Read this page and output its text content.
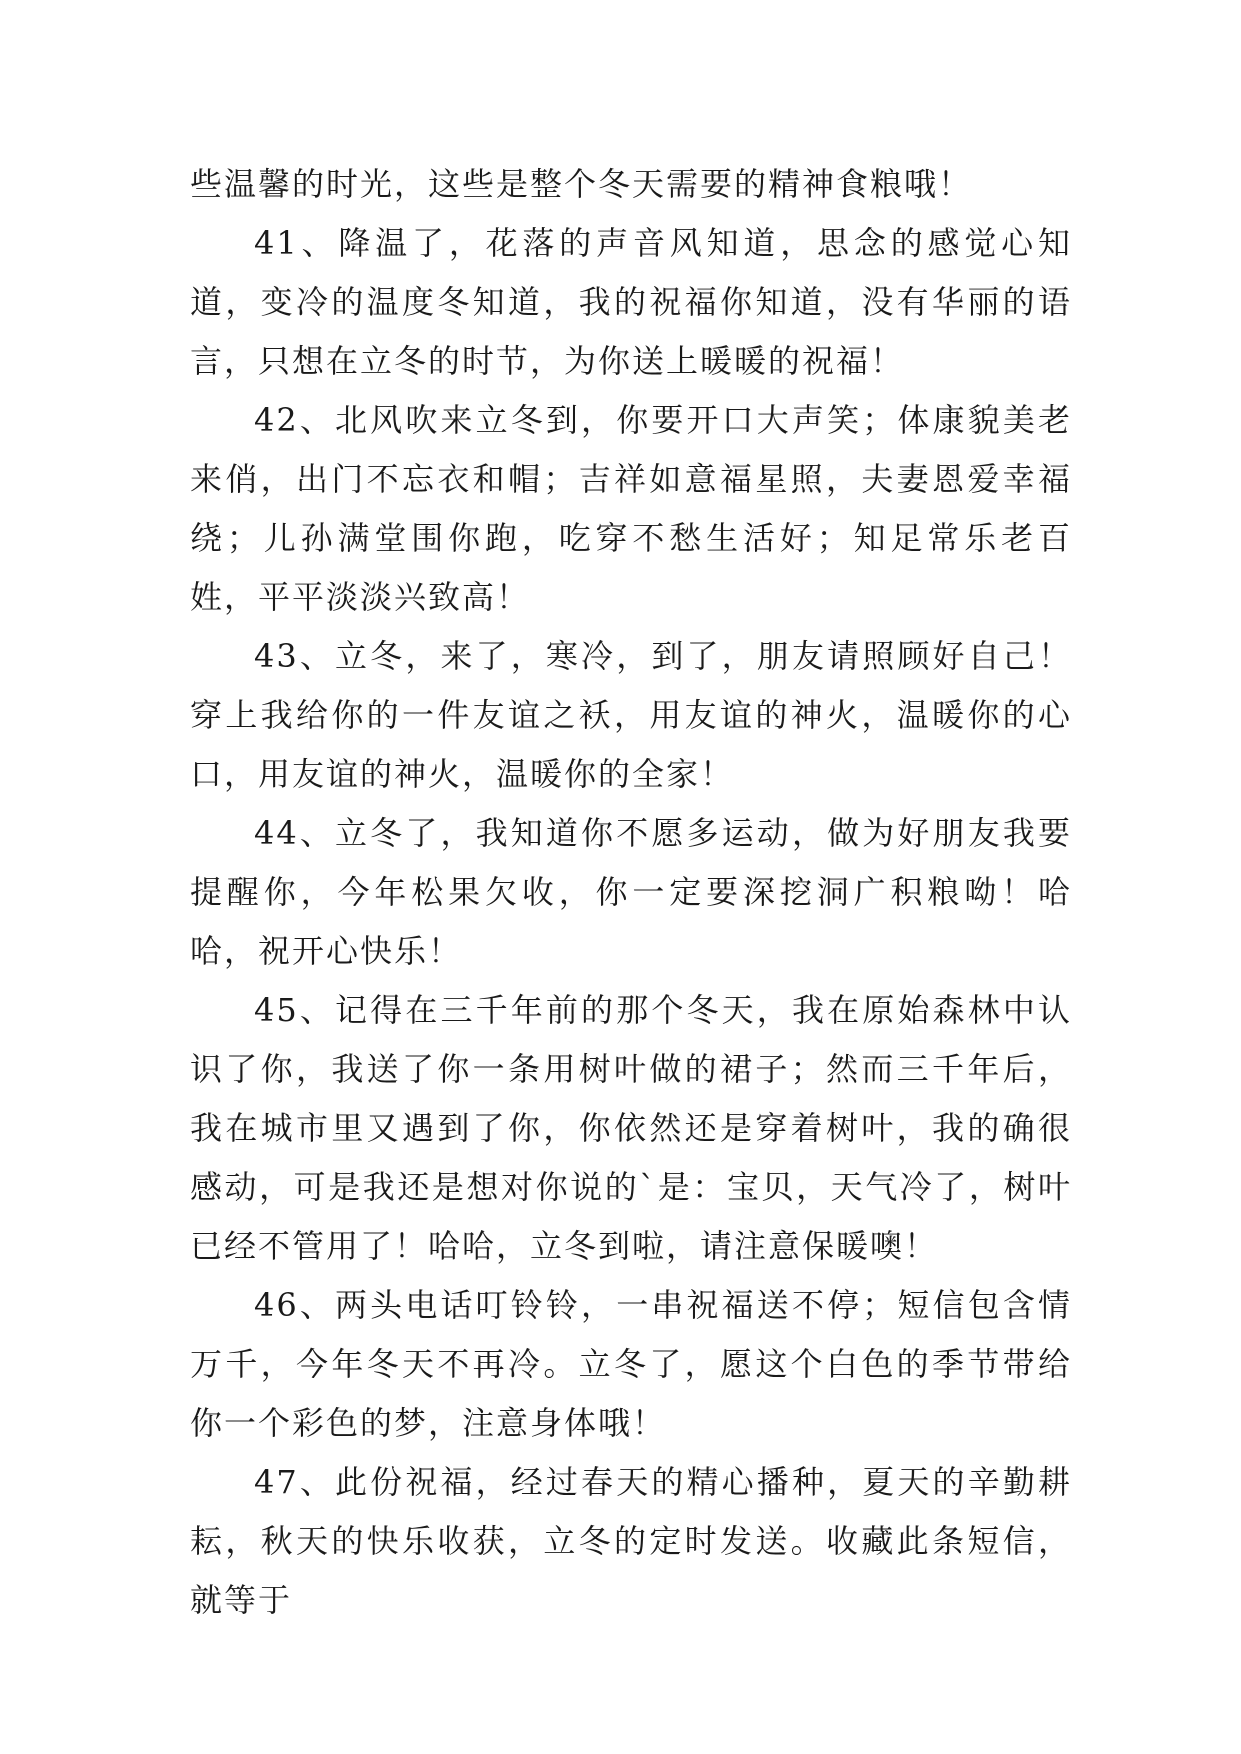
些温馨的时光，这些是整个冬天需要的精神食粮哦！

41、降温了，花落的声音风知道，思念的感觉心知道，变冷的温度冬知道，我的祝福你知道，没有华丽的语言，只想在立冬的时节，为你送上暖暖的祝福！

42、北风吹来立冬到，你要开口大声笑；体康貌美老来俏，出门不忘衣和帽；吉祥如意福星照，夫妻恩爱幸福绕；儿孙满堂围你跑，吃穿不愁生活好；知足常乐老百姓，平平淡淡兴致高！

43、立冬，来了，寒冷，到了，朋友请照顾好自己！穿上我给你的一件友谊之袄，用友谊的神火，温暖你的心口，用友谊的神火，温暖你的全家！

44、立冬了，我知道你不愿多运动，做为好朋友我要提醒你，今年松果欠收，你一定要深挖洞广积粮呦！哈哈，祝开心快乐！

45、记得在三千年前的那个冬天，我在原始森林中认识了你，我送了你一条用树叶做的裙子；然而三千年后，我在城市里又遇到了你，你依然还是穿着树叶，我的确很感动，可是我还是想对你说的`是：宝贝，天气冷了，树叶已经不管用了！哈哈，立冬到啦，请注意保暖噢！

46、两头电话叮铃铃，一串祝福送不停；短信包含情万千，今年冬天不再冷。立冬了，愿这个白色的季节带给你一个彩色的梦，注意身体哦！

47、此份祝福，经过春天的精心播种，夏天的辛勤耕耘，秋天的快乐收获，立冬的定时发送。收藏此条短信，就等于
